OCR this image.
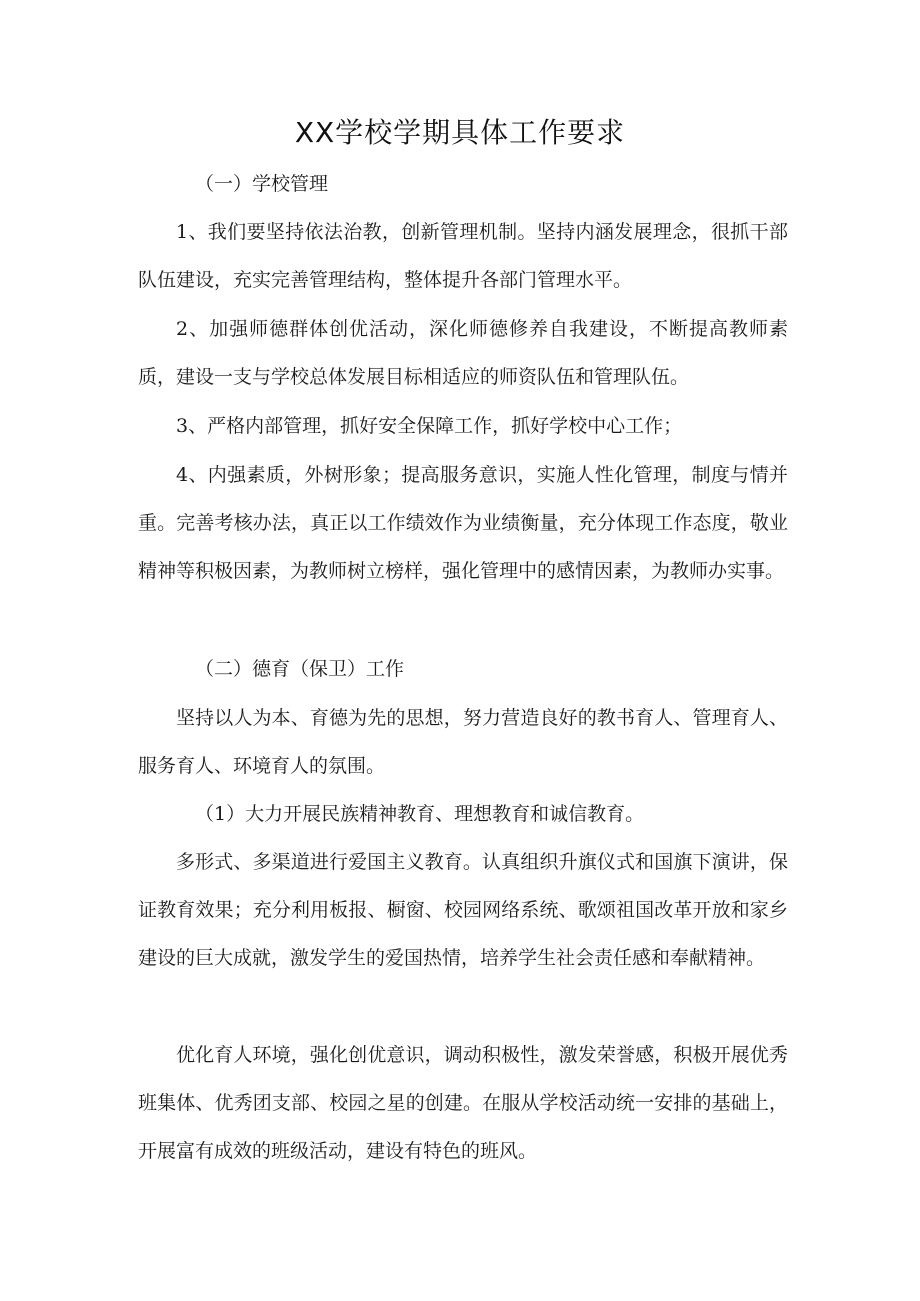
XX学校学期具体工作要求

（一）学校管理

1、我们要坚持依法治教，创新管理机制。坚持内涵发展理念，很抓干部队伍建设，充实完善管理结构，整体提升各部门管理水平。

2、加强师德群体创优活动，深化师德修养自我建设，不断提高教师素质，建设一支与学校总体发展目标相适应的师资队伍和管理队伍。

3、严格内部管理，抓好安全保障工作，抓好学校中心工作；

4、内强素质，外树形象；提高服务意识，实施人性化管理，制度与情并重。完善考核办法，真正以工作绩效作为业绩衡量，充分体现工作态度，敬业精神等积极因素，为教师树立榜样，强化管理中的感情因素，为教师办实事。

（二）德育（保卫）工作

坚持以人为本、育德为先的思想，努力营造良好的教书育人、管理育人、服务育人、环境育人的氛围。

（1）大力开展民族精神教育、理想教育和诚信教育。

多形式、多渠道进行爱国主义教育。认真组织升旗仪式和国旗下演讲，保证教育效果；充分利用板报、橱窗、校园网络系统、歌颂祖国改革开放和家乡建设的巨大成就，激发学生的爱国热情，培养学生社会责任感和奉献精神。

优化育人环境，强化创优意识，调动积极性，激发荣誉感，积极开展优秀班集体、优秀团支部、校园之星的创建。在服从学校活动统一安排的基础上，开展富有成效的班级活动，建设有特色的班风。
